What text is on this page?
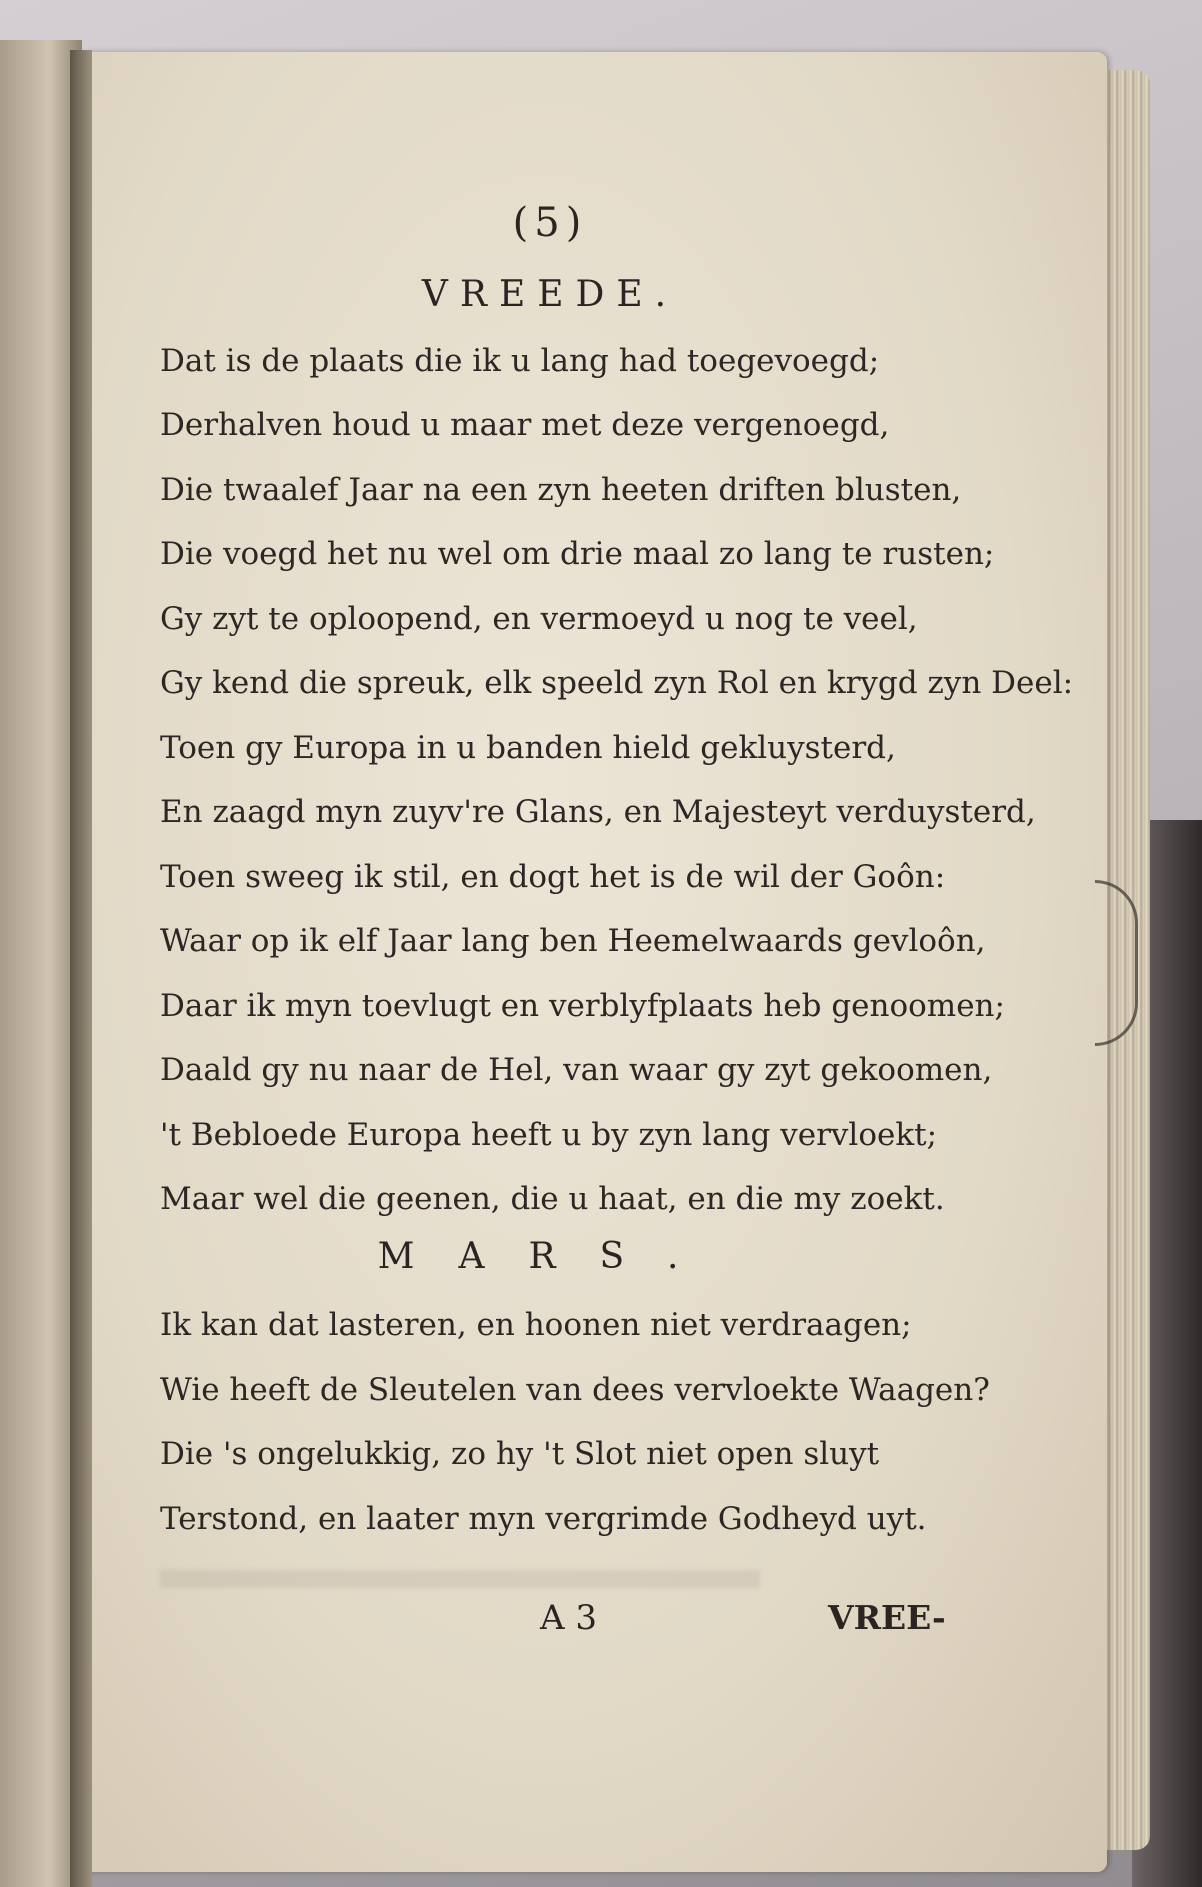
(5)
VREEDE.
Dat is de plaats die ik u lang had toegevoegd;
Derhalven houd u maar met deze vergenoegd,
Die twaalef Jaar na een zyn heeten driften blusten,
Die voegd het nu wel om drie maal zo lang te rusten;
Gy zyt te oploopend, en vermoeyd u nog te veel,
Gy kend die spreuk, elk speeld zyn Rol en krygd zyn Deel:
Toen gy Europa in u banden hield gekluysterd,
En zaagd myn zuyv're Glans, en Majesteyt verduysterd,
Toen sweeg ik stil, en dogt het is de wil der Goôn:
Waar op ik elf Jaar lang ben Heemelwaards gevloôn,
Daar ik myn toevlugt en verblyfplaats heb genoomen;
Daald gy nu naar de Hel, van waar gy zyt gekoomen,
't Bebloede Europa heeft u by zyn lang vervloekt;
Maar wel die geenen, die u haat, en die my zoekt.
MARS.
Ik kan dat lasteren, en hoonen niet verdraagen;
Wie heeft de Sleutelen van dees vervloekte Waagen?
Die 's ongelukkig, zo hy 't Slot niet open sluyt
Terstond, en laater myn vergrimde Godheyd uyt.
A 3	VREE-
